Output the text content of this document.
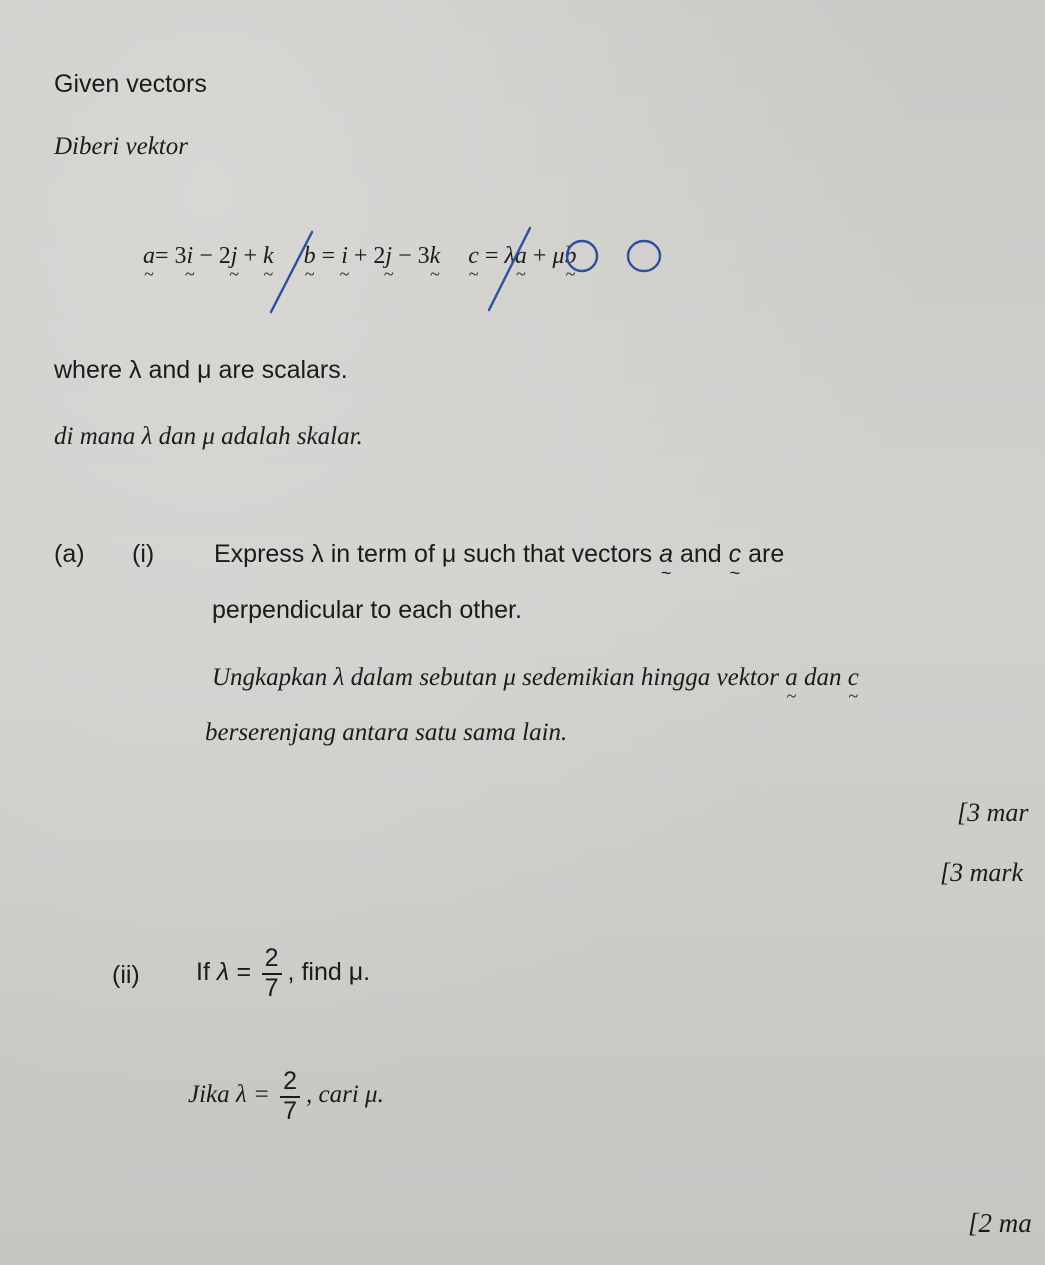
Given vectors
Diberi vektor
a ~= 3i ~ − 2j ~ + k ~ b ~ = i ~ + 2j ~ − 3k ~ c ~ = λa ~ + μb ~
where λ and μ are scalars.
di mana λ dan μ adalah skalar.
(a) (i) Express λ in term of μ such that vectors a ~ and c ~ are
perpendicular to each other.
Ungkapkan λ dalam sebutan μ sedemikian hingga vektor a ~ dan c ~
berserenjang antara satu sama lain.
[3 mar
[3 mark
(ii) If $\lambda = \frac{2}{7}$ , find μ.
Jika $\lambda = \frac{2}{7}$ , cari μ.
[2 ma
